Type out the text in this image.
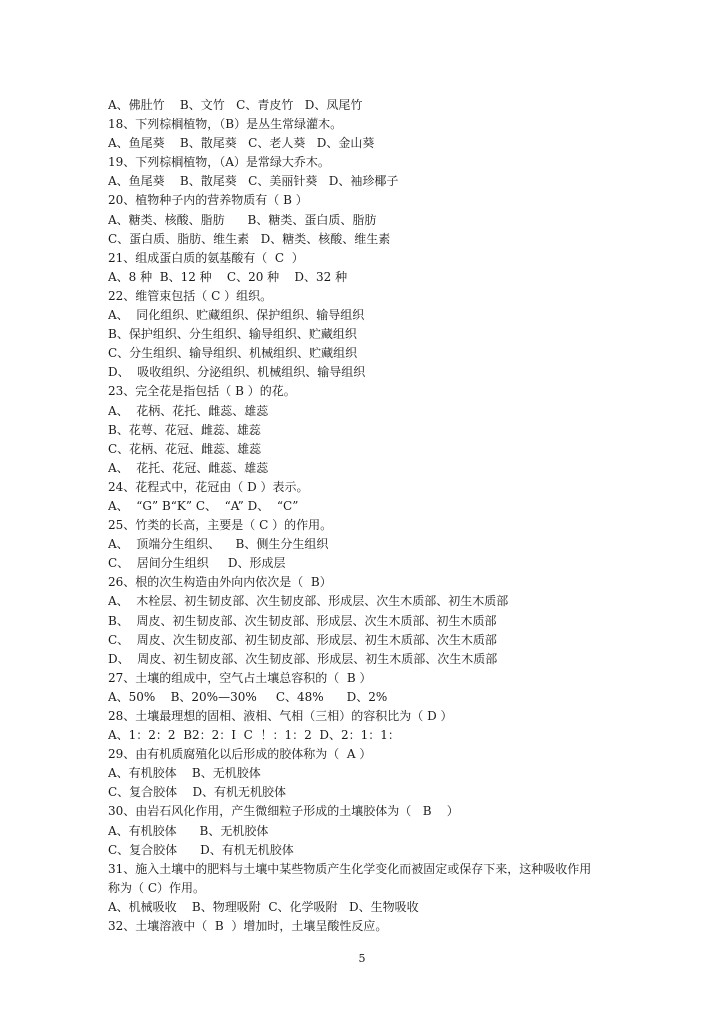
A、佛肚竹    B、文竹   C、青皮竹   D、凤尾竹
18、下列棕榈植物，（B）是丛生常绿灌木。
A、鱼尾葵    B、散尾葵   C、老人葵   D、金山葵
19、下列棕榈植物，（A）是常绿大乔木。
A、鱼尾葵    B、散尾葵   C、美丽针葵   D、袖珍椰子
20、植物种子内的营养物质有（ B ）
A、糖类、核酸、脂肪      B、糖类、蛋白质、脂肪
C、蛋白质、脂肪、维生素   D、糖类、核酸、维生素
21、组成蛋白质的氨基酸有（  C  ）
A、8 种  B、12 种    C、20 种    D、32 种
22、维管束包括（ C ）组织。
A、  同化组织、贮藏组织、保护组织、输导组织
B、保护组织、分生组织、输导组织、贮藏组织
C、分生组织、输导组织、机械组织、贮藏组织
D、  吸收组织、分泌组织、机械组织、输导组织
23、完全花是指包括（ B ）的花。
A、  花柄、花托、雌蕊、雄蕊
B、花萼、花冠、雌蕊、雄蕊
C、花柄、花冠、雌蕊、雄蕊
A、  花托、花冠、雌蕊、雄蕊
24、花程式中，花冠由（ D ）表示。
A、  “G” B“K” C、  “A” D、  “C”
25、竹类的长高，主要是（ C ）的作用。
A、  顶端分生组织、    B、侧生分生组织
C、  居间分生组织     D、形成层
26、根的次生构造由外向内依次是（  B）
A、  木栓层、初生韧皮部、次生韧皮部、形成层、次生木质部、初生木质部
B、  周皮、初生韧皮部、次生韧皮部、形成层、次生木质部、初生木质部
C、  周皮、次生韧皮部、初生韧皮部、形成层、初生木质部、次生木质部
D、  周皮、初生韧皮部、次生韧皮部、形成层、初生木质部、次生木质部
27、土壤的组成中，空气占土壤总容积的（  B ）
A、50%    B、20%—30%     C、48%      D、2%
28、土壤最理想的固相、液相、气相（三相）的容积比为（ D ）
A、1：2：2  B2：2：I  C  ！：1：2  D、2：1：1：
29、由有机质腐殖化以后形成的胶体称为（  A ）
A、有机胶体    B、无机胶体
C、复合胶体    D、有机无机胶体
30、由岩石风化作用，产生微细粒子形成的土壤胶体为（   B    ）
A、有机胶体      B、无机胶体
C、复合胶体      D、有机无机胶体
31、施入土壤中的肥料与土壤中某些物质产生化学变化而被固定或保存下来，这种吸收作用
称为（ C）作用。
A、机械吸收    B、物理吸附  C、化学吸附   D、生物吸收
32、土壤溶液中（  B  ）增加时，土壤呈酸性反应。
5
